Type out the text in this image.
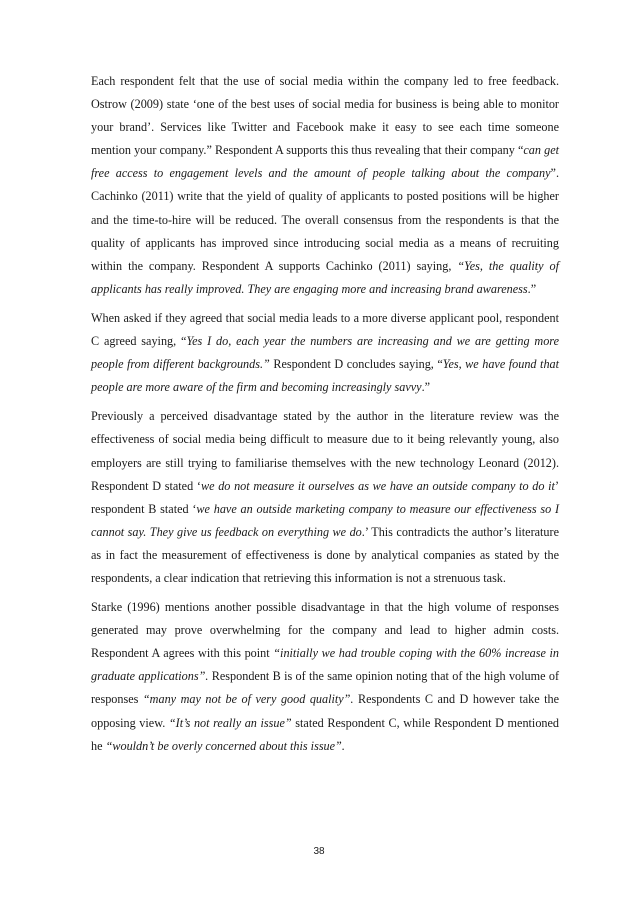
Each respondent felt that the use of social media within the company led to free feedback. Ostrow (2009) state ‘one of the best uses of social media for business is being able to monitor your brand’. Services like Twitter and Facebook make it easy to see each time someone mention your company.” Respondent A supports this thus revealing that their company “can get free access to engagement levels and the amount of people talking about the company”. Cachinko (2011) write that the yield of quality of applicants to posted positions will be higher and the time-to-hire will be reduced. The overall consensus from the respondents is that the quality of applicants has improved since introducing social media as a means of recruiting within the company. Respondent A supports Cachinko (2011) saying, “Yes, the quality of applicants has really improved. They are engaging more and increasing brand awareness.”

When asked if they agreed that social media leads to a more diverse applicant pool, respondent C agreed saying, “Yes I do, each year the numbers are increasing and we are getting more people from different backgrounds.” Respondent D concludes saying, “Yes, we have found that people are more aware of the firm and becoming increasingly savvy.”

Previously a perceived disadvantage stated by the author in the literature review was the effectiveness of social media being difficult to measure due to it being relevantly young, also employers are still trying to familiarise themselves with the new technology Leonard (2012). Respondent D stated ‘we do not measure it ourselves as we have an outside company to do it’ respondent B stated ‘we have an outside marketing company to measure our effectiveness so I cannot say. They give us feedback on everything we do.’ This contradicts the author’s literature as in fact the measurement of effectiveness is done by analytical companies as stated by the respondents, a clear indication that retrieving this information is not a strenuous task.

Starke (1996) mentions another possible disadvantage in that the high volume of responses generated may prove overwhelming for the company and lead to higher admin costs. Respondent A agrees with this point “initially we had trouble coping with the 60% increase in graduate applications”. Respondent B is of the same opinion noting that of the high volume of responses “many may not be of very good quality”. Respondents C and D however take the opposing view. “It’s not really an issue” stated Respondent C, while Respondent D mentioned he “wouldn’t be overly concerned about this issue”.

38
